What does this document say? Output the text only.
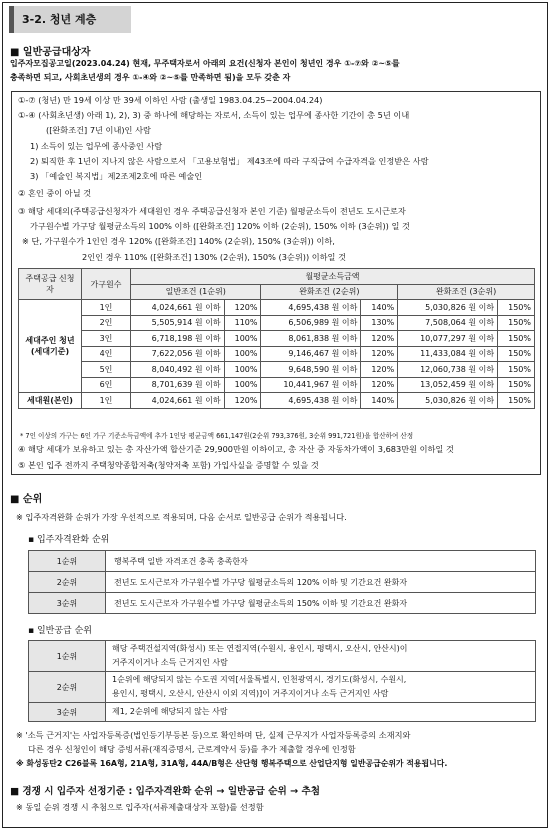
3-2. 청년 계층
■ 일반공급대상자
입주자모집공고일(2023.04.24) 현재, 무주택자로서 아래의 요건(신청자 본인이 청년인 경우 ①-⑦와 ②~⑤를
충족하면 되고, 사회초년생의 경우 ①-④와 ②~⑤를 만족하면 됨)을 모두 갖춘 자
①-⑦ (청년) 만 19세 이상 만 39세 이하인 사람 (출생일 1983.04.25~2004.04.24)
①-④ (사회초년생) 아래 1), 2), 3) 중 하나에 해당하는 자로서, 소득이 있는 업무에 종사한 기간이 총 5년 이내
([완화조건] 7년 이내)인 사람
1) 소득이 있는 업무에 종사중인 사람
2) 퇴직한 후 1년이 지나지 않은 사람으로서 「고용보험법」 제43조에 따라 구직급여 수급자격을 인정받은 사람
3) 「예술인 복지법」제2조제2호에 따른 예술인
② 혼인 중이 아닐 것
③ 해당 세대의(주택공급신청자가 세대원인 경우 주택공급신청자 본인 기준) 월평균소득이 전년도 도시근로자
가구원수별 가구당 월평균소득의 100% 이하 ([완화조건] 120% 이하 (2순위), 150% 이하 (3순위)) 일 것
※ 단, 가구원수가 1인인 경우 120% ([완화조건] 140% (2순위), 150% (3순위)) 이하,
2인인 경우 110% ([완화조건] 130% (2순위), 150% (3순위)) 이하일 것
주택공급 신청자	가구원수	월평균소득금액					
		일반조건 (1순위)		완화조건 (2순위)		완화조건 (3순위)	
세대주인 청년 (세대기준)	1인	4,024,661 원 이하	120%	4,695,438 원 이하	140%	5,030,826 원 이하	150%
	2인	5,505,914 원 이하	110%	6,506,989 원 이하	130%	7,508,064 원 이하	150%
	3인	6,718,198 원 이하	100%	8,061,838 원 이하	120%	10,077,297 원 이하	150%
	4인	7,622,056 원 이하	100%	9,146,467 원 이하	120%	11,433,084 원 이하	150%
	5인	8,040,492 원 이하	100%	9,648,590 원 이하	120%	12,060,738 원 이하	150%
	6인	8,701,639 원 이하	100%	10,441,967 원 이하	120%	13,052,459 원 이하	150%
세대원(본인)	1인	4,024,661 원 이하	120%	4,695,438 원 이하	140%	5,030,826 원 이하	150%
* 7인 이상의 가구는 6인 가구 기준소득금액에 추가 1인당 평균금액 661,147원(2순위 793,376원, 3순위 991,721원)을 합산하여 산정
④ 해당 세대가 보유하고 있는 총 자산가액 합산기준 29,900만원 이하이고, 총 자산 중 자동차가액이 3,683만원 이하일 것
⑤ 본인 입주 전까지 주택청약종합저축(청약저축 포함) 가입사실을 증명할 수 있을 것
■ 순위
※ 입주자격완화 순위가 가장 우선적으로 적용되며, 다음 순서로 일반공급 순위가 적용됩니다.
▪ 입주자격완화 순위
1순위	행복주택 일반 자격조건 충족 충족한자
2순위	전년도 도시근로자 가구원수별 가구당 월평균소득의 120% 이하 및 기간요건 완화자
3순위	전년도 도시근로자 가구원수별 가구당 월평균소득의 150% 이하 및 기간요건 완화자
▪ 일반공급 순위
1순위	해당 주택건설지역(화성시) 또는 연접지역(수원시, 용인시, 평택시, 오산시, 안산시)이
거주지이거나 소득 근거지인 사람

2순위	1순위에 해당되지 않는 수도권 지역[서울특별시, 인천광역시, 경기도(화성시, 수원시,
용인시, 평택시, 오산시, 안산시 이외 지역)]이 거주지이거나 소득 근거지인 사람

3순위	제1, 2순위에 해당되지 않는 사람
※ '소득 근거지'는 사업자등록증(법인등기부등본 등)으로 확인하며 단, 실제 근무지가 사업자등록증의 소재지와
다른 경우 신청인이 해당 증빙서류(재직증명서, 근로계약서 등)를 추가 제출할 경우에 인정함
※ 화성동탄2 C26블록 16A형, 21A형, 31A형, 44A/B형은 산단형 행복주택으로 산업단지형 일반공급순위가 적용됩니다.
■ 경쟁 시 입주자 선정기준 : 입주자격완화 순위 → 일반공급 순위 → 추첨
※ 동일 순위 경쟁 시 추첨으로 입주자(서류제출대상자 포함)를 선정함
